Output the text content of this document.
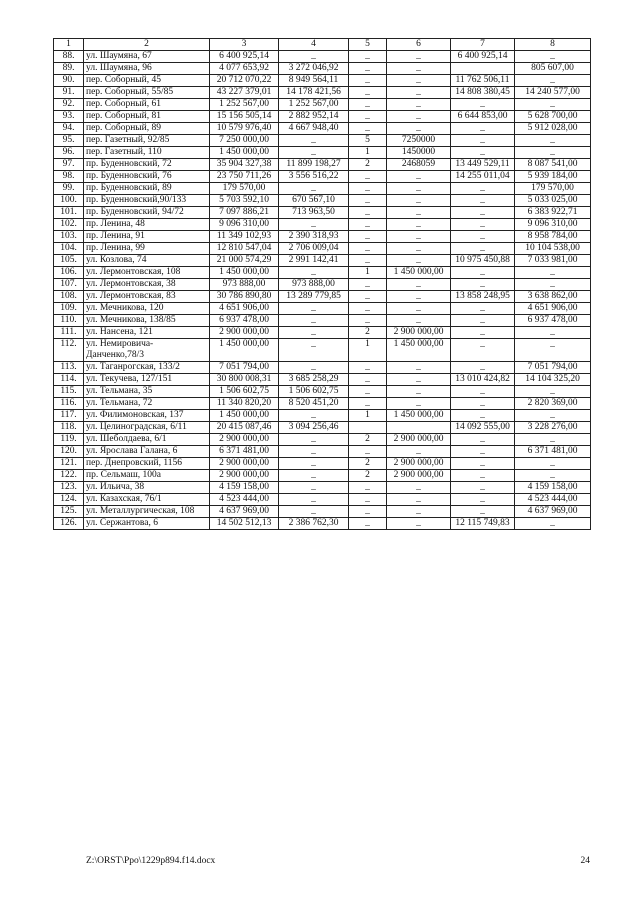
1	2	3	4	5	6	7	8
88.	ул. Шаумяна, 67	6 400 925,14	_	_	_	6 400 925,14	_
89.	ул. Шаумяна, 96	4 077 653,92	3 272 046,92	_	_		805 607,00
90.	пер. Соборный, 45	20 712 070,22	8 949 564,11	_	_	11 762 506,11	_
91.	пер. Соборный, 55/85	43 227 379,01	14 178 421,56	_	_	14 808 380,45	14 240 577,00
92.	пер. Соборный, 61	1 252 567,00	1 252 567,00	_	_	_	_
93.	пер. Соборный, 81	15 156 505,14	2 882 952,14	_	_	6 644 853,00	5 628 700,00
94.	пер. Соборный, 89	10 579 976,40	4 667 948,40	_	_	_	5 912 028,00
95.	пер. Газетный, 92/85	7 250 000,00	_	5	7250000	_	_
96.	пер. Газетный, 110	1 450 000,00	_	1	1450000	_	_
97.	пр. Буденновский, 72	35 904 327,38	11 899 198,27	2	2468059	13 449 529,11	8 087 541,00
98.	пр. Буденновский, 76	23 750 711,26	3 556 516,22	_	_	14 255 011,04	5 939 184,00
99.	пр. Буденновский, 89	179 570,00	_	_	_	_	179 570,00
100.	пр. Буденновский,90/133	5 703 592,10	670 567,10	_	_	_	5 033 025,00
101.	пр. Буденновский, 94/72	7 097 886,21	713 963,50	_	_	_	6 383 922,71
102.	пр. Ленина, 48	9 096 310,00	_	_	_	_	9 096 310,00
103.	пр. Ленина, 91	11 349 102,93	2 390 318,93	_	_	_	8 958 784,00
104.	пр. Ленина, 99	12 810 547,04	2 706 009,04	_	_	_	10 104 538,00
105.	ул. Козлова, 74	21 000 574,29	2 991 142,41	_	_	10 975 450,88	7 033 981,00
106.	ул. Лермонтовская, 108	1 450 000,00	_	1	1 450 000,00	_	_
107.	ул. Лермонтовская, 38	973 888,00	973 888,00	_	_	_	_
108.	ул. Лермонтовская, 83	30 786 890,80	13 289 779,85	_	_	13 858 248,95	3 638 862,00
109.	ул. Мечникова, 120	4 651 906,00	_	_	_	_	4 651 906,00
110.	ул. Мечникова, 138/85	6 937 478,00	_	_	_	_	6 937 478,00
111.	ул. Нансена, 121	2 900 000,00	_	2	2 900 000,00	_	_
112.	ул. Немировича-Данченко,78/3	1 450 000,00	_	1	1 450 000,00	_	_
113.	ул. Таганрогская, 133/2	7 051 794,00	_	_	_	_	7 051 794,00
114.	ул. Текучева, 127/151	30 800 008,31	3 685 258,29	_	_	13 010 424,82	14 104 325,20
115.	ул. Тельмана, 35	1 506 602,75	1 506 602,75	_	_	_	_
116.	ул. Тельмана, 72	11 340 820,20	8 520 451,20	_	_	_	2 820 369,00
117.	ул. Филимоновская, 137	1 450 000,00	_	1	1 450 000,00	_	_
118.	ул. Целиноградская, 6/11	20 415 087,46	3 094 256,46			14 092 555,00	3 228 276,00
119.	ул. Шеболдаева, 6/1	2 900 000,00	_	2	2 900 000,00	_	_
120.	ул. Ярослава Галана, 6	6 371 481,00	_	_	_	_	6 371 481,00
121.	пер. Днепровский, 1156	2 900 000,00	_	2	2 900 000,00	_	_
122.	пр. Сельмаш, 100а	2 900 000,00	_	2	2 900 000,00	_	_
123.	ул. Ильича, 38	4 159 158,00	_	_	_	_	4 159 158,00
124.	ул. Казахская, 76/1	4 523 444,00	_	_	_	_	4 523 444,00
125.	ул. Металлургическая, 108	4 637 969,00	_	_	_	_	4 637 969,00
126.	ул. Сержантова, 6	14 502 512,13	2 386 762,30	_	_	12 115 749,83	_
Z:\ORST\Ppo\1229p894.f14.docx	24
